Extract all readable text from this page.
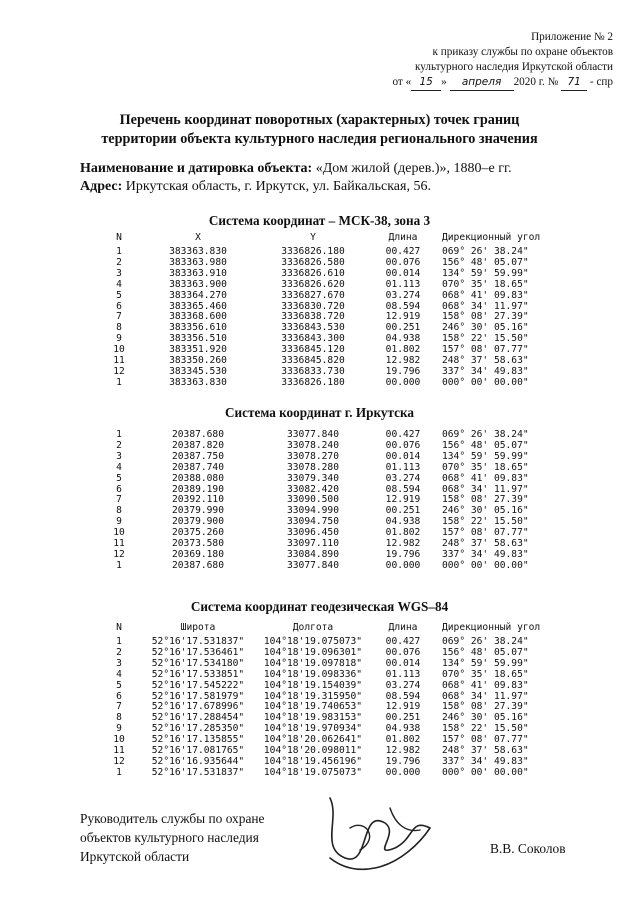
Приложение № 2
к приказу службы по охране объектов
культурного наследия Иркутской области
от « 15 » апреля 2020 г. № 71 - спр
Перечень координат поворотных (характерных) точек границ
территории объекта культурного наследия регионального значения
Наименование и датировка объекта: «Дом жилой (дерев.)», 1880–е гг.
Адрес: Иркутская область, г. Иркутск, ул. Байкальская, 56.
Система координат – МСК-38, зона 3
N	X	Y	Длина	Дирекционный угол
1	383363.830	3336826.180	00.427	069° 26' 38.24"
2	383363.980	3336826.580	00.076	156° 48' 05.07"
3	383363.910	3336826.610	00.014	134° 59' 59.99"
4	383363.900	3336826.620	01.113	070° 35' 18.65"
5	383364.270	3336827.670	03.274	068° 41' 09.83"
6	383365.460	3336830.720	08.594	068° 34' 11.97"
7	383368.600	3336838.720	12.919	158° 08' 27.39"
8	383356.610	3336843.530	00.251	246° 30' 05.16"
9	383356.510	3336843.300	04.938	158° 22' 15.50"
10	383351.920	3336845.120	01.802	157° 08' 07.77"
11	383350.260	3336845.820	12.982	248° 37' 58.63"
12	383345.530	3336833.730	19.796	337° 34' 49.83"
1	383363.830	3336826.180	00.000	000° 00' 00.00"
Система координат г. Иркутска
1	20387.680	33077.840	00.427	069° 26' 38.24"
2	20387.820	33078.240	00.076	156° 48' 05.07"
3	20387.750	33078.270	00.014	134° 59' 59.99"
4	20387.740	33078.280	01.113	070° 35' 18.65"
5	20388.080	33079.340	03.274	068° 41' 09.83"
6	20389.190	33082.420	08.594	068° 34' 11.97"
7	20392.110	33090.500	12.919	158° 08' 27.39"
8	20379.990	33094.990	00.251	246° 30' 05.16"
9	20379.900	33094.750	04.938	158° 22' 15.50"
10	20375.260	33096.450	01.802	157° 08' 07.77"
11	20373.580	33097.110	12.982	248° 37' 58.63"
12	20369.180	33084.890	19.796	337° 34' 49.83"
1	20387.680	33077.840	00.000	000° 00' 00.00"
Система координат геодезическая WGS–84
N	Широта	Долгота	Длина	Дирекционный угол
1	52°16'17.531837"	104°18'19.075073"	00.427	069° 26' 38.24"
2	52°16'17.536461"	104°18'19.096301"	00.076	156° 48' 05.07"
3	52°16'17.534180"	104°18'19.097818"	00.014	134° 59' 59.99"
4	52°16'17.533851"	104°18'19.098336"	01.113	070° 35' 18.65"
5	52°16'17.545222"	104°18'19.154039"	03.274	068° 41' 09.83"
6	52°16'17.581979"	104°18'19.315950"	08.594	068° 34' 11.97"
7	52°16'17.678996"	104°18'19.740653"	12.919	158° 08' 27.39"
8	52°16'17.288454"	104°18'19.983153"	00.251	246° 30' 05.16"
9	52°16'17.285350"	104°18'19.970934"	04.938	158° 22' 15.50"
10	52°16'17.135855"	104°18'20.062641"	01.802	157° 08' 07.77"
11	52°16'17.081765"	104°18'20.098011"	12.982	248° 37' 58.63"
12	52°16'16.935644"	104°18'19.456196"	19.796	337° 34' 49.83"
1	52°16'17.531837"	104°18'19.075073"	00.000	000° 00' 00.00"
Руководитель службы по охране
объектов культурного наследия
Иркутской области
В.В. Соколов
